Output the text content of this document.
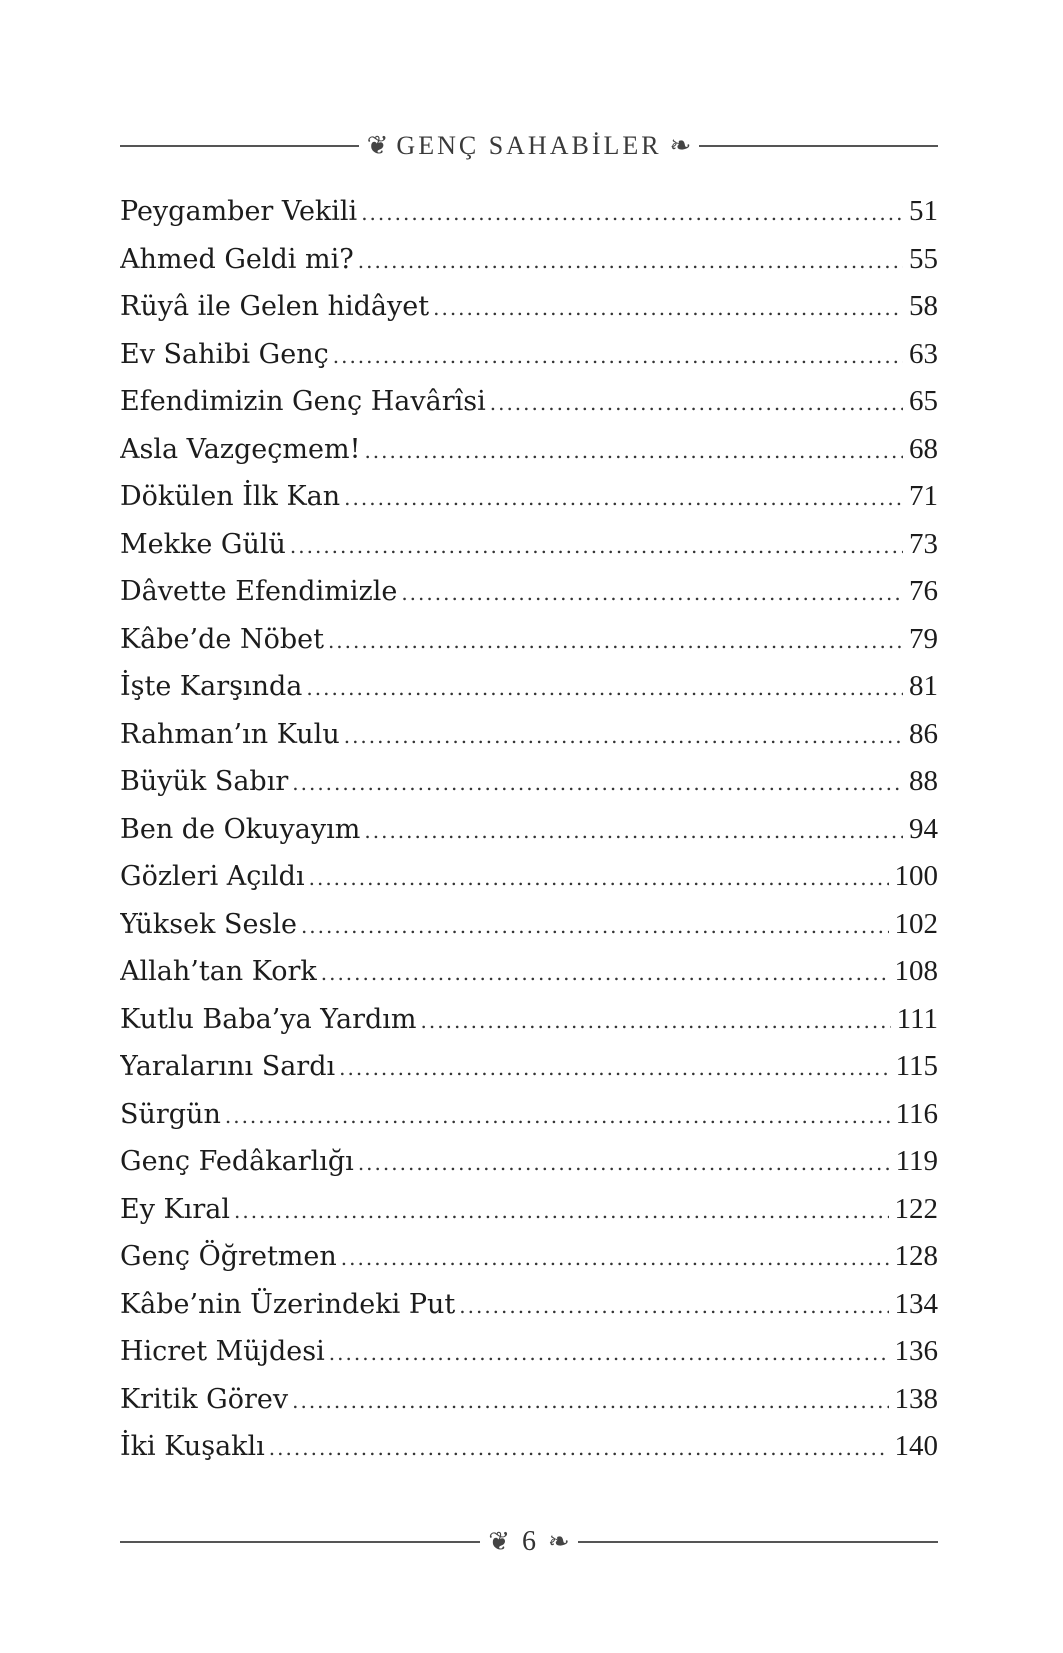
❦ GENÇ SAHABİLER ❧
Peygamber Vekili .....	51
Ahmed Geldi mi? .....	55
Rüyâ ile Gelen hidâyet .....	58
Ev Sahibi Genç .....	63
Efendimizin Genç Havârîsi .....	65
Asla Vazgeçmem! .....	68
Dökülen İlk Kan .....	71
Mekke Gülü .....	73
Dâvette Efendimizle .....	76
Kâbe’de Nöbet .....	79
İşte Karşında .....	81
Rahman’ın Kulu .....	86
Büyük Sabır .....	88
Ben de Okuyayım .....	94
Gözleri Açıldı .....	100
Yüksek Sesle .....	102
Allah’tan Kork .....	108
Kutlu Baba’ya Yardım .....	111
Yaralarını Sardı .....	115
Sürgün .....	116
Genç Fedâkarlığı .....	119
Ey Kıral .....	122
Genç Öğretmen .....	128
Kâbe’nin Üzerindeki Put .....	134
Hicret Müjdesi .....	136
Kritik Görev .....	138
İki Kuşaklı .....	140
❦ 6 ❧
